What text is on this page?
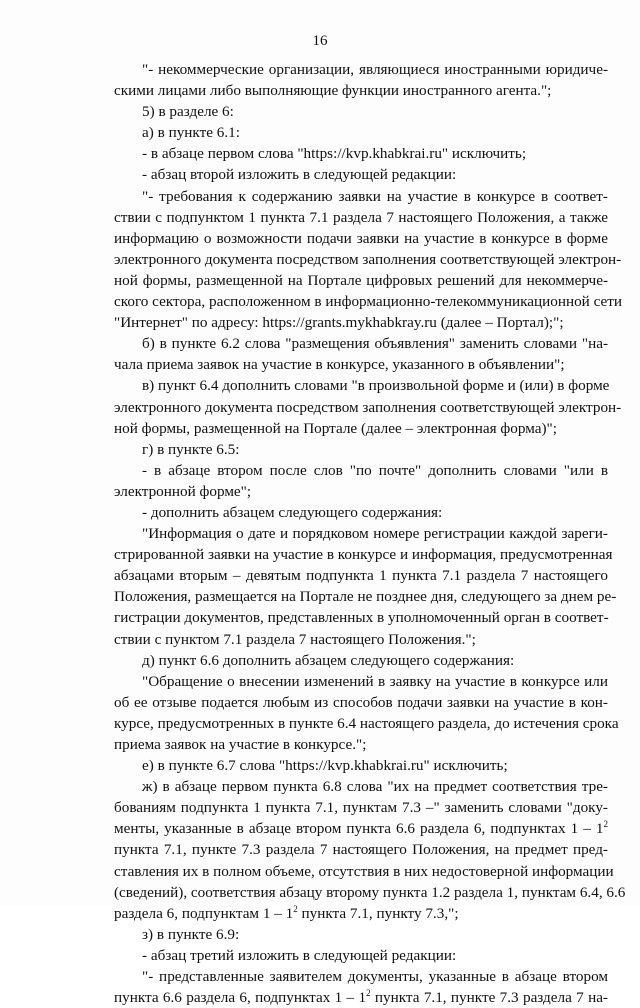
16
"- некоммерческие организации, являющиеся иностранными юридиче-
скими лицами либо выполняющие функции иностранного агента.";
5) в разделе 6:
а) в пункте 6.1:
- в абзаце первом слова "https://kvp.khabkrai.ru" исключить;
- абзац второй изложить в следующей редакции:
"- требования к содержанию заявки на участие в конкурсе в соответ-
ствии с подпунктом 1 пункта 7.1 раздела 7 настоящего Положения, а также
информацию о возможности подачи заявки на участие в конкурсе в форме
электронного документа посредством заполнения соответствующей электрон-
ной формы, размещенной на Портале цифровых решений для некоммерче-
ского сектора, расположенном в информационно-телекоммуникационной сети
"Интернет" по адресу: https://grants.mykhabkray.ru (далее – Портал);";
б) в пункте 6.2 слова "размещения объявления" заменить словами "на-
чала приема заявок на участие в конкурсе, указанного в объявлении";
в) пункт 6.4 дополнить словами "в произвольной форме и (или) в форме
электронного документа посредством заполнения соответствующей электрон-
ной формы, размещенной на Портале (далее – электронная форма)";
г) в пункте 6.5:
- в абзаце втором после слов "по почте" дополнить словами "или в
электронной форме";
- дополнить абзацем следующего содержания:
"Информация о дате и порядковом номере регистрации каждой зареги-
стрированной заявки на участие в конкурсе и информация, предусмотренная
абзацами вторым – девятым подпункта 1 пункта 7.1 раздела 7 настоящего
Положения, размещается на Портале не позднее дня, следующего за днем ре-
гистрации документов, представленных в уполномоченный орган в соответ-
ствии с пунктом 7.1 раздела 7 настоящего Положения.";
д) пункт 6.6 дополнить абзацем следующего содержания:
"Обращение о внесении изменений в заявку на участие в конкурсе или
об ее отзыве подается любым из способов подачи заявки на участие в кон-
курсе, предусмотренных в пункте 6.4 настоящего раздела, до истечения срока
приема заявок на участие в конкурсе.";
е) в пункте 6.7 слова "https://kvp.khabkrai.ru" исключить;
ж) в абзаце первом пункта 6.8 слова "их на предмет соответствия тре-
бованиям подпункта 1 пункта 7.1, пунктам 7.3 –" заменить словами "доку-
менты, указанные в абзаце втором пункта 6.6 раздела 6, подпунктах $1 - 1^2$
пункта 7.1, пункте 7.3 раздела 7 настоящего Положения, на предмет пред-
ставления их в полном объеме, отсутствия в них недостоверной информации
(сведений), соответствия абзацу второму пункта 1.2 раздела 1, пунктам 6.4, 6.6
раздела 6, подпунктам $1 - 1^2$ пункта 7.1, пункту 7.3,";
з) в пункте 6.9:
- абзац третий изложить в следующей редакции:
"- представленные заявителем документы, указанные в абзаце втором
пункта 6.6 раздела 6, подпунктах $1 - 1^2$ пункта 7.1, пункте 7.3 раздела 7 на-
